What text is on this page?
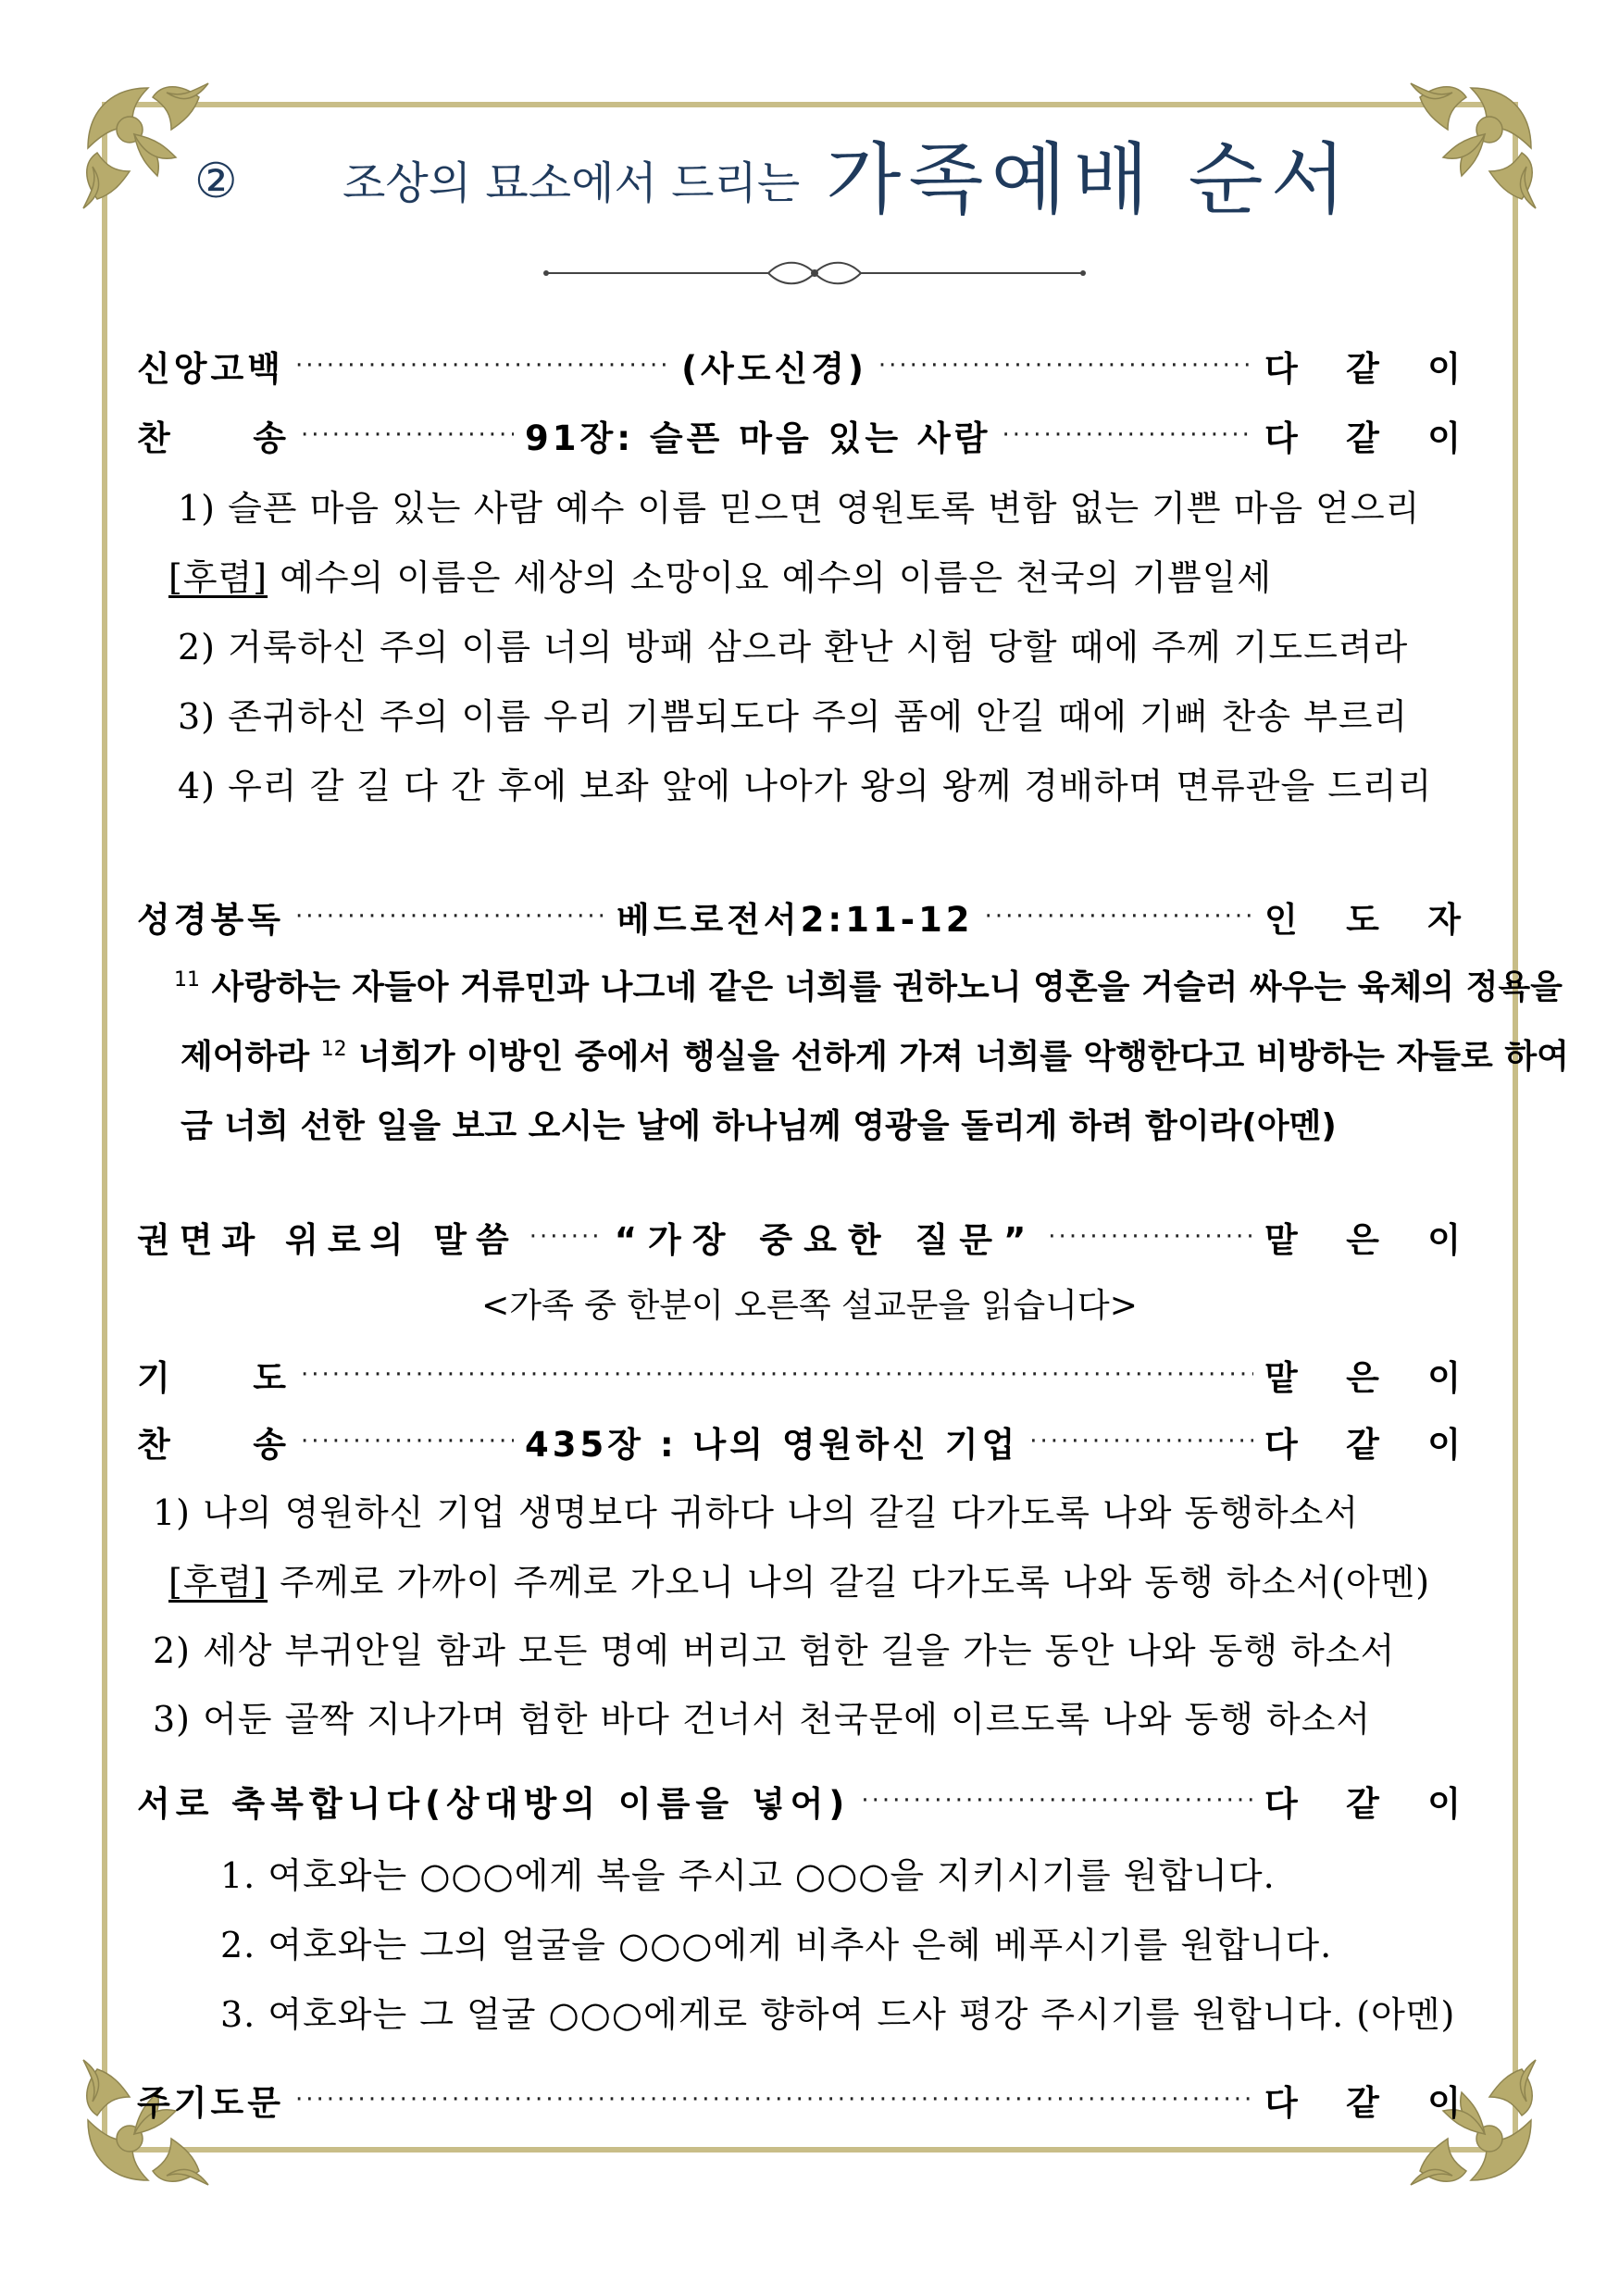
②	조상의 묘소에서 드리는 가족예배 순서
신앙고백 ·····	(사도신경) ·····	다 같 이
찬 송 ·····	91장: 슬픈 마음 있는 사람 ·····	다 같 이
1) 슬픈 마음 있는 사람 예수 이름 믿으면 영원토록 변함 없는 기쁜 마음 얻으리
[후렴] 예수의 이름은 세상의 소망이요 예수의 이름은 천국의 기쁨일세
2) 거룩하신 주의 이름 너의 방패 삼으라 환난 시험 당할 때에 주께 기도드려라
3) 존귀하신 주의 이름 우리 기쁨되도다 주의 품에 안길 때에 기뻐 찬송 부르리
4) 우리 갈 길 다 간 후에 보좌 앞에 나아가 왕의 왕께 경배하며 면류관을 드리리
성경봉독 ·····	베드로전서2:11-12 ·····	인 도 자
$^{11}$ 사랑하는 자들아 거류민과 나그네 같은 너희를 권하노니 영혼을 거슬러 싸우는 육체의 정욕을
제어하라 $^{12}$ 너희가 이방인 중에서 행실을 선하게 가져 너희를 악행한다고 비방하는 자들로 하여
금 너희 선한 일을 보고 오시는 날에 하나님께 영광을 돌리게 하려 함이라(아멘)
권면과 위로의 말씀 ·····	“가장 중요한 질문” ·····	맡 은 이
<가족 중 한분이 오른쪽 설교문을 읽습니다>
기 도 ·····	맡 은 이
찬 송 ·····	435장 : 나의 영원하신 기업 ·····	다 같 이
1) 나의 영원하신 기업 생명보다 귀하다 나의 갈길 다가도록 나와 동행하소서
[후렴] 주께로 가까이 주께로 가오니 나의 갈길 다가도록 나와 동행 하소서(아멘)
2) 세상 부귀안일 함과 모든 명예 버리고 험한 길을 가는 동안 나와 동행 하소서
3) 어둔 골짝 지나가며 험한 바다 건너서 천국문에 이르도록 나와 동행 하소서
서로 축복합니다(상대방의 이름을 넣어) ·····	다 같 이
1. 여호와는 ○○○에게 복을 주시고 ○○○을 지키시기를 원합니다.
2. 여호와는 그의 얼굴을 ○○○에게 비추사 은혜 베푸시기를 원합니다.
3. 여호와는 그 얼굴 ○○○에게로 향하여 드사 평강 주시기를 원합니다. (아멘)
주기도문 ·····	다 같 이
